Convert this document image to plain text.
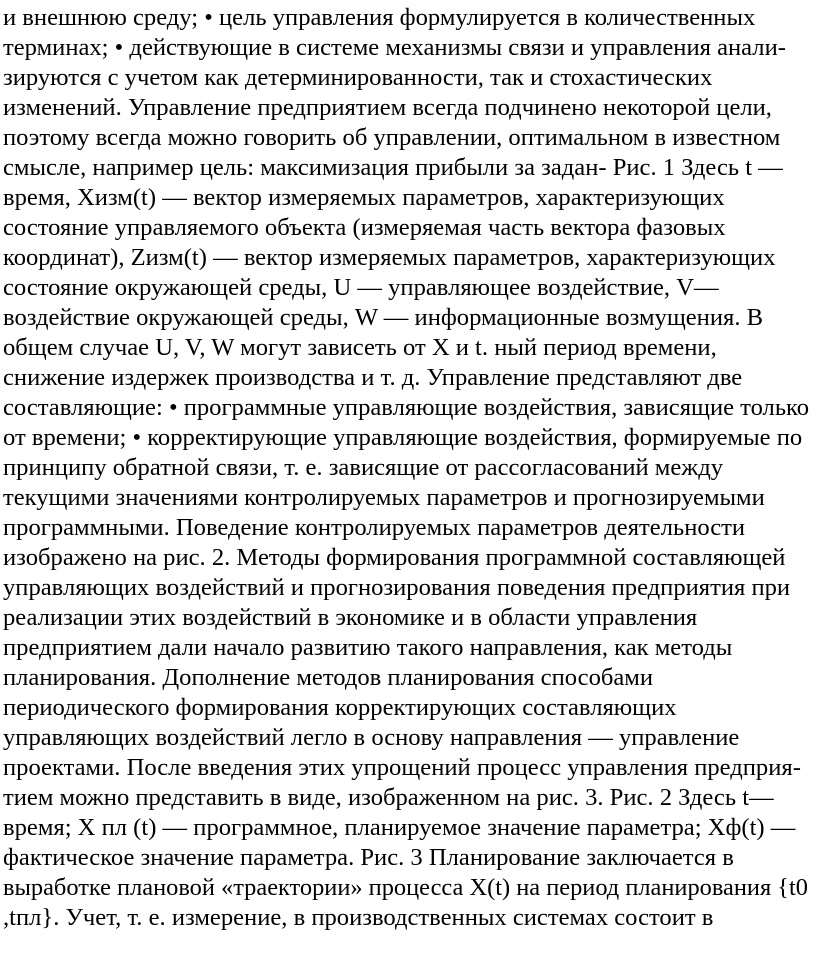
и внешнюю среду; • цель управления формулируется в количественных
терминах; • действующие в системе механизмы связи и управления анали-
зируются с учетом как детерминированности, так и стохастических
изменений. Управление предприятием всегда подчинено некоторой цели,
поэтому всегда можно говорить об управлении, оптимальном в известном
смысле, например цель: максимизация прибыли за задан- Рис. 1 Здесь t —
время, Хизм(t) — вектор измеряемых параметров, характеризующих
состояние управляемого объекта (измеряемая часть вектора фазовых
координат), Zизм(t) — вектор измеряемых параметров, характеризующих
состояние окружающей среды, U — управляющее воздействие, V—
воздействие окружающей среды, W — информационные возмущения. В
общем случае U, V, W могут зависеть от X и t. ный период времени,
снижение издержек производства и т. д. Управление представляют две
составляющие: • программные управляющие воздействия, зависящие только
от времени; • корректирующие управляющие воздействия, формируемые по
принципу обратной связи, т. е. зависящие от рассогласований между
текущими значениями контролируемых параметров и прогнозируемыми
программными. Поведение контролируемых параметров деятельности
изображено на рис. 2. Методы формирования программной составляющей
управляющих воздействий и прогнозирования поведения предприятия при
реализации этих воздействий в экономике и в области управления
предприятием дали начало развитию такого направления, как методы
планирования. Дополнение методов планирования способами
периодического формирования корректирующих составляющих
управляющих воздействий легло в основу направления — управление
проектами. После введения этих упрощений процесс управления предприя-
тием можно представить в виде, изображенном на рис. 3. Рис. 2 Здесь t—
время; Х пл (t) — программное, планируемое значение параметра; Хф(t) —
фактическое значение параметра. Рис. 3 Планирование заключается в
выработке плановой «траектории» процесса X(t) на период планирования {t0
,tпл}. Учет, т. е. измерение, в производственных системах состоит в
